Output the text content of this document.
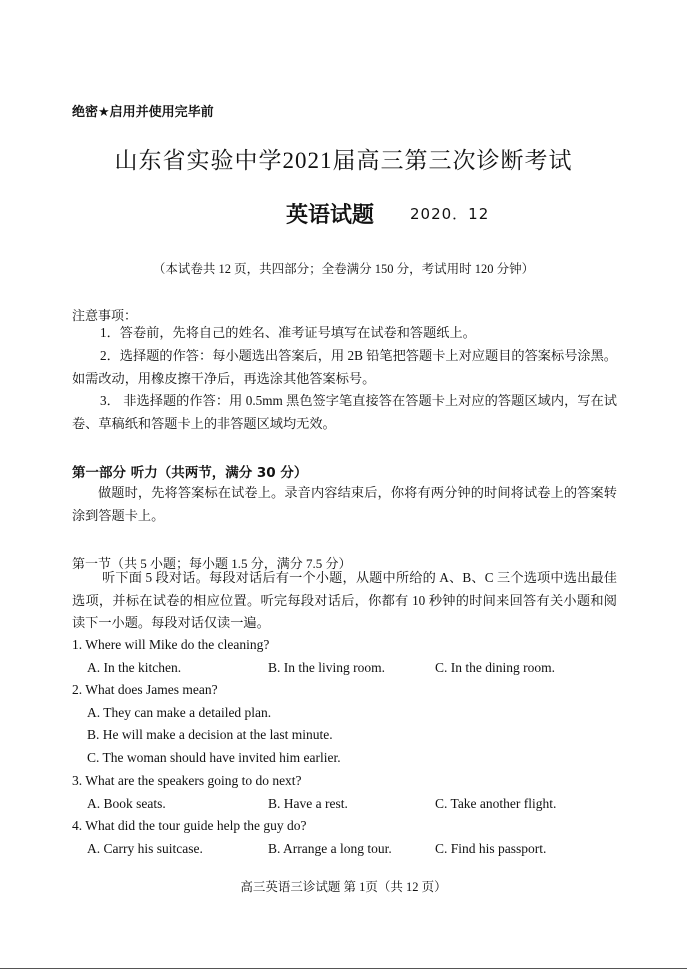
绝密★启用并使用完毕前
山东省实验中学2021届高三第三次诊断考试
英语试题 2020．12
（本试卷共 12 页，共四部分；全卷满分 150 分，考试用时 120 分钟）
注意事项：
1．答卷前，先将自己的姓名、准考证号填写在试卷和答题纸上。
2．选择题的作答：每小题选出答案后，用 2B 铅笔把答题卡上对应题目的答案标号涂黑。如需改动，用橡皮擦干净后，再选涂其他答案标号。
3． 非选择题的作答：用 0.5mm 黑色签字笔直接答在答题卡上对应的答题区域内，写在试卷、草稿纸和答题卡上的非答题区域均无效。
第一部分 听力（共两节，满分 30 分）
做题时，先将答案标在试卷上。录音内容结束后，你将有两分钟的时间将试卷上的答案转涂到答题卡上。
第一节（共 5 小题；每小题 1.5 分，满分 7.5 分）
听下面 5 段对话。每段对话后有一个小题，从题中所给的 A、B、C 三个选项中选出最佳选项，并标在试卷的相应位置。听完每段对话后，你都有 10 秒钟的时间来回答有关小题和阅读下一小题。每段对话仅读一遍。
1. Where will Mike do the cleaning?
A. In the kitchen.	B. In the living room.	C. In the dining room.
2. What does James mean?
A. They can make a detailed plan.
B. He will make a decision at the last minute.
C. The woman should have invited him earlier.
3. What are the speakers going to do next?
A. Book seats.	B. Have a rest.	C. Take another flight.
4. What did the tour guide help the guy do?
A. Carry his suitcase.	B. Arrange a long tour.	C. Find his passport.
高三英语三诊试题 第 1页（共 12 页）
